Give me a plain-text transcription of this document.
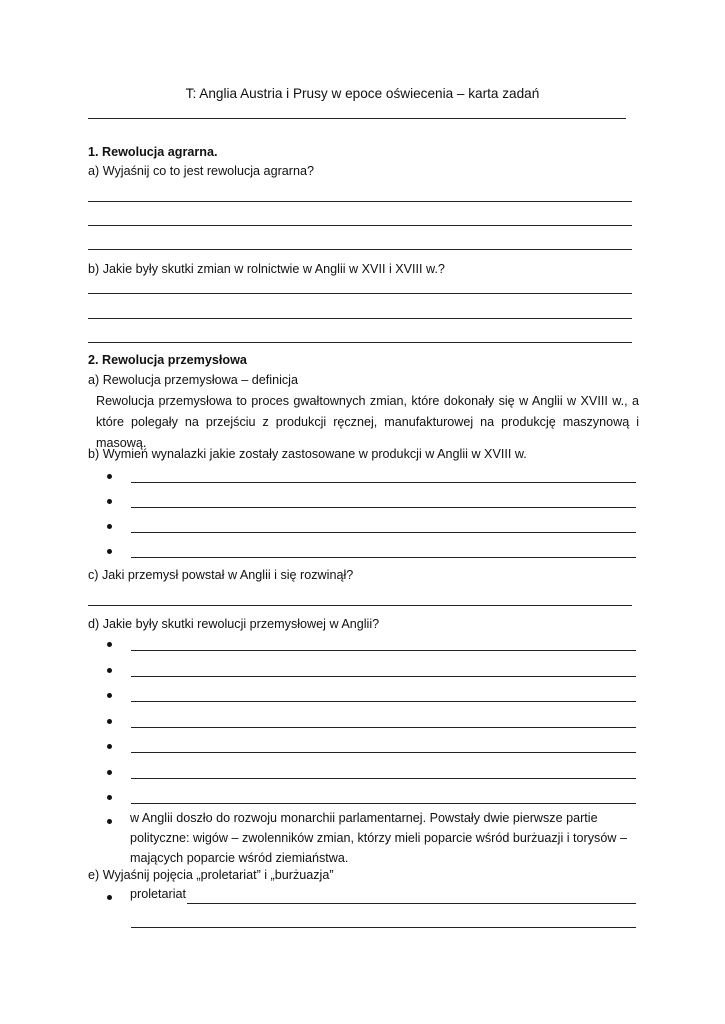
T: Anglia Austria i Prusy w epoce oświecenia – karta zadań
1. Rewolucja agrarna.
a) Wyjaśnij co to jest rewolucja agrarna?
b) Jakie były skutki zmian w rolnictwie w Anglii w XVII i XVIII w.?
2. Rewolucja przemysłowa
a) Rewolucja przemysłowa – definicja
Rewolucja przemysłowa to proces gwałtownych zmian, które dokonały się w Anglii w XVIII w., a które polegały na przejściu z produkcji ręcznej, manufakturowej na produkcję maszynową i masową.
b) Wymień wynalazki jakie zostały zastosowane w produkcji w Anglii w XVIII w.
c) Jaki przemysł powstał w Anglii i się rozwinął?
d) Jakie były skutki rewolucji przemysłowej w Anglii?
w Anglii doszło do rozwoju monarchii parlamentarnej. Powstały dwie pierwsze partie polityczne: wigów – zwolenników zmian, którzy mieli poparcie wśród burżuazji i torysów – mających poparcie wśród ziemiaństwa.
e) Wyjaśnij pojęcia „proletariat” i „burżuazja”
proletariat
